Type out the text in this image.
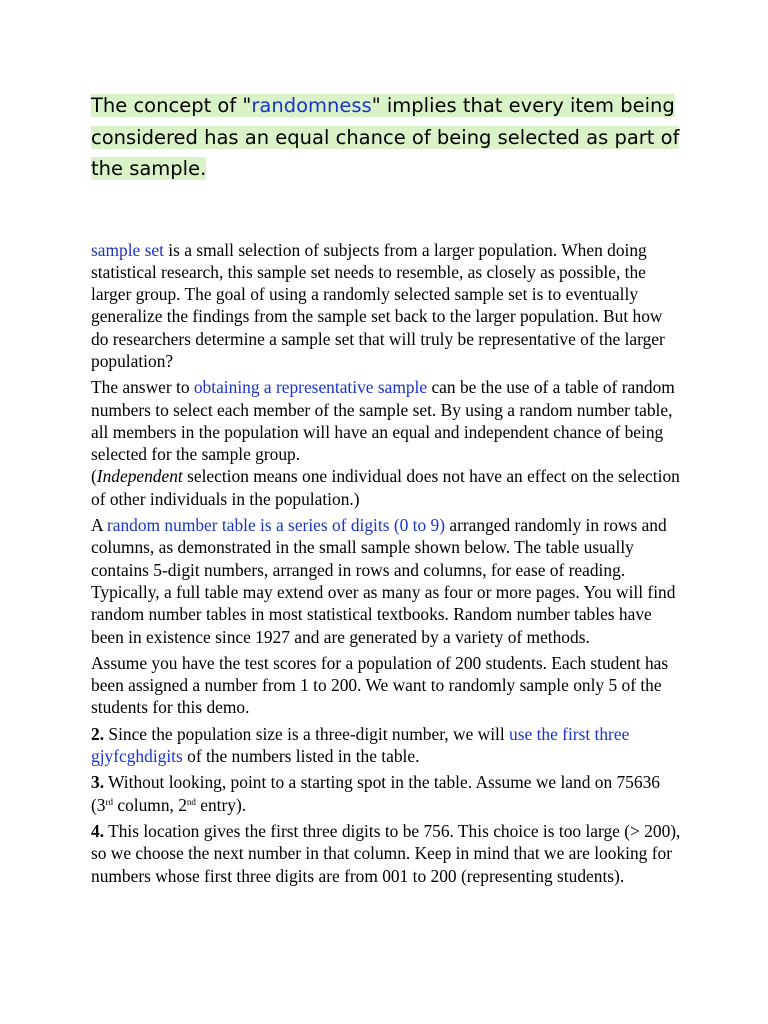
The concept of "randomness" implies that every item being considered has an equal chance of being selected as part of the sample.

sample set is a small selection of subjects from a larger population. When doing statistical research, this sample set needs to resemble, as closely as possible, the larger group. The goal of using a randomly selected sample set is to eventually generalize the findings from the sample set back to the larger population. But how do researchers determine a sample set that will truly be representative of the larger population?

The answer to obtaining a representative sample can be the use of a table of random numbers to select each member of the sample set. By using a random number table, all members in the population will have an equal and independent chance of being selected for the sample group.
(Independent selection means one individual does not have an effect on the selection of other individuals in the population.)

A random number table is a series of digits (0 to 9) arranged randomly in rows and columns, as demonstrated in the small sample shown below. The table usually contains 5-digit numbers, arranged in rows and columns, for ease of reading. Typically, a full table may extend over as many as four or more pages. You will find random number tables in most statistical textbooks. Random number tables have been in existence since 1927 and are generated by a variety of methods.

Assume you have the test scores for a population of 200 students. Each student has been assigned a number from 1 to 200. We want to randomly sample only 5 of the students for this demo.

2. Since the population size is a three-digit number, we will use the first three gjyfcghdigits of the numbers listed in the table.

3. Without looking, point to a starting spot in the table. Assume we land on 75636 (3rd column, 2nd entry).

4. This location gives the first three digits to be 756. This choice is too large (> 200), so we choose the next number in that column. Keep in mind that we are looking for numbers whose first three digits are from 001 to 200 (representing students).
